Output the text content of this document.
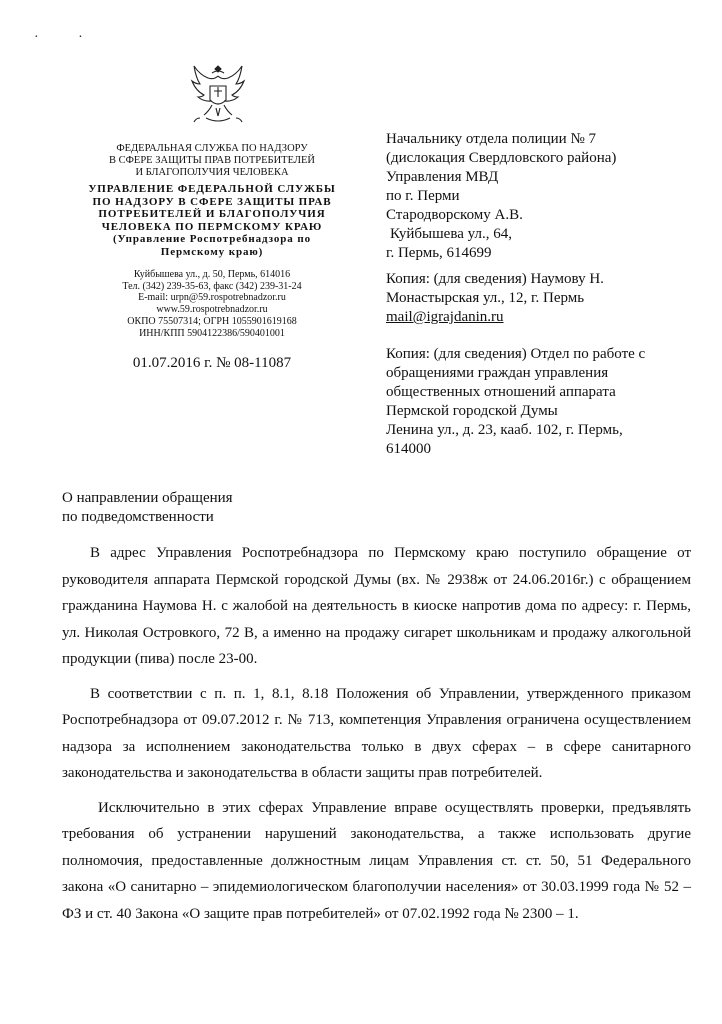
· ·
ФЕДЕРАЛЬНАЯ СЛУЖБА ПО НАДЗОРУ
В СФЕРЕ ЗАЩИТЫ ПРАВ ПОТРЕБИТЕЛЕЙ
И БЛАГОПОЛУЧИЯ ЧЕЛОВЕКА
УПРАВЛЕНИЕ ФЕДЕРАЛЬНОЙ СЛУЖБЫ
ПО НАДЗОРУ В СФЕРЕ ЗАЩИТЫ ПРАВ
ПОТРЕБИТЕЛЕЙ И БЛАГОПОЛУЧИЯ
ЧЕЛОВЕКА ПО ПЕРМСКОМУ КРАЮ
(Управление Роспотребнадзора по
Пермскому краю)
Куйбышева ул., д. 50, Пермь, 614016
Тел. (342) 239-35-63, факс (342) 239-31-24
E-mail: urpn@59.rospotrebnadzor.ru
www.59.rospotrebnadzor.ru
ОКПО 75507314; ОГРН 1055901619168
ИНН/КПП 5904122386/590401001
01.07.2016 г. № 08-11087
Начальнику отдела полиции № 7
(дислокация Свердловского района)
Управления МВД
по г. Перми
Стародворскому А.В.
Куйбышева ул., 64,
г. Пермь, 614699
Копия: (для сведения) Наумову Н.
Монастырская ул., 12, г. Пермь
mail@igrajdanin.ru
Копия: (для сведения) Отдел по работе с
обращениями граждан управления
общественных отношений аппарата
Пермской городской Думы
Ленина ул., д. 23, кааб. 102, г. Пермь,
614000
О направлении обращения
по подведомственности

В адрес Управления Роспотребнадзора по Пермскому краю поступило обращение от руководителя аппарата Пермской городской Думы (вх. № 2938ж от 24.06.2016г.) с обращением гражданина Наумова Н. с жалобой на деятельность в киоске напротив дома по адресу: г. Пермь, ул. Николая Островкого, 72 В, а именно на продажу сигарет школьникам и продажу алкогольной продукции (пива) после 23-00.

В соответствии с п. п. 1, 8.1, 8.18 Положения об Управлении, утвержденного приказом Роспотребнадзора от 09.07.2012 г. № 713, компетенция Управления ограничена осуществлением надзора за исполнением законодательства только в двух сферах – в сфере санитарного законодательства и законодательства в области защиты прав потребителей.

Исключительно в этих сферах Управление вправе осуществлять проверки, предъявлять требования об устранении нарушений законодательства, а также использовать другие полномочия, предоставленные должностным лицам Управления ст. ст. 50, 51 Федерального закона «О санитарно – эпидемиологическом благополучии населения» от 30.03.1999 года № 52 – ФЗ и ст. 40 Закона «О защите прав потребителей» от 07.02.1992 года № 2300 – 1.
